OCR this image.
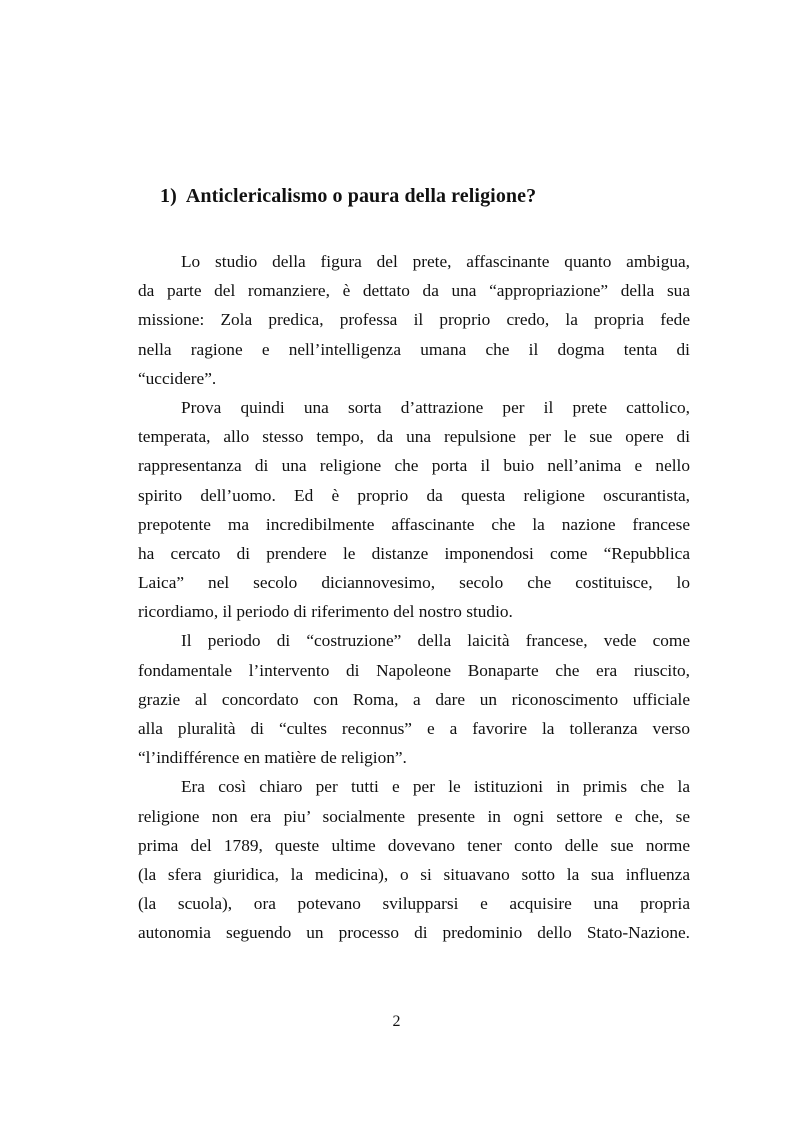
1) Anticlericalismo o paura della religione?
Lo studio della figura del prete, affascinante quanto ambigua,
da parte del romanziere, è dettato da una “appropriazione” della sua
missione: Zola predica, professa il proprio credo, la propria fede
nella ragione e nell’intelligenza umana che il dogma tenta di
“uccidere”.
Prova quindi una sorta d’attrazione per il prete cattolico,
temperata, allo stesso tempo, da una repulsione per le sue opere di
rappresentanza di una religione che porta il buio nell’anima e nello
spirito dell’uomo. Ed è proprio da questa religione oscurantista,
prepotente ma incredibilmente affascinante che la nazione francese
ha cercato di prendere le distanze imponendosi come “Repubblica
Laica” nel secolo diciannovesimo, secolo che costituisce, lo
ricordiamo, il periodo di riferimento del nostro studio.
Il periodo di “costruzione” della laicità francese, vede come
fondamentale l’intervento di Napoleone Bonaparte che era riuscito,
grazie al concordato con Roma, a dare un riconoscimento ufficiale
alla pluralità di “cultes reconnus” e a favorire la tolleranza verso
“l’indifférence en matière de religion”.
Era così chiaro per tutti e per le istituzioni in primis che la
religione non era piu’ socialmente presente in ogni settore e che, se
prima del 1789, queste ultime dovevano tener conto delle sue norme
(la sfera giuridica, la medicina), o si situavano sotto la sua influenza
(la scuola), ora potevano svilupparsi e acquisire una propria
autonomia seguendo un processo di predominio dello Stato-Nazione.
2
